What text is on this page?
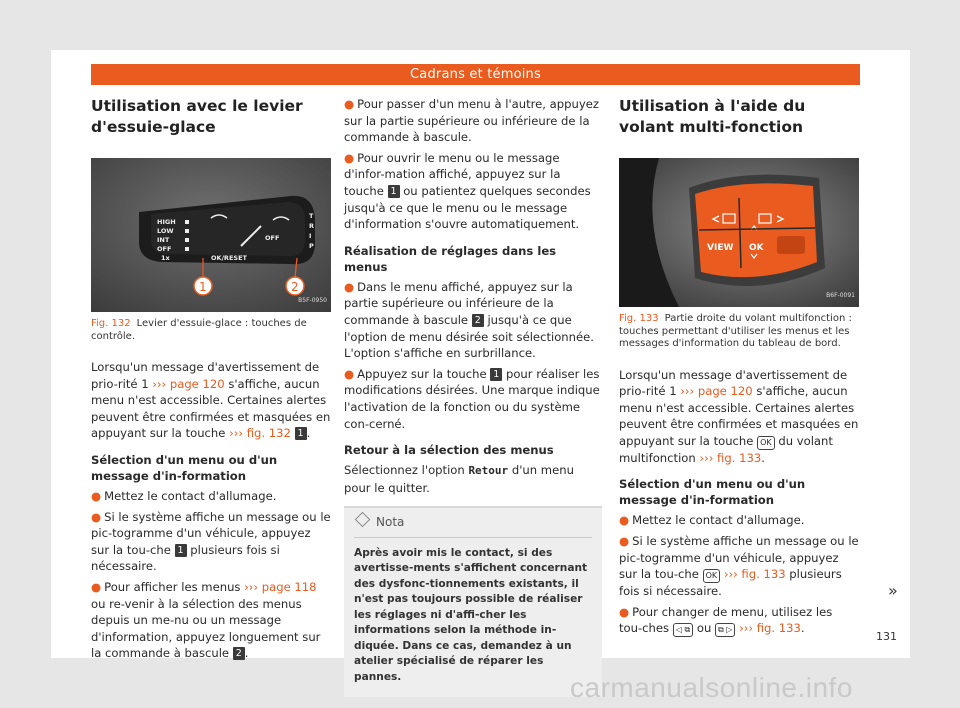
Cadrans et témoins
Utilisation avec le levier d'essuie-glace
HIGH
LOW
INT
OFF
1x	OK/RESET
OFF
T
R
I
P
1	2
B5F-0950
Fig. 132 Levier d'essuie-glace : touches de contrôle.

Lorsqu'un message d'avertissement de prio-rité 1 ››› page 120 s'affiche, aucun menu n'est accessible. Certaines alertes peuvent être confirmées et masquées en appuyant sur la touche ››› fig. 132 1 .

Sélection d'un menu ou d'un message d'in-formation

● Mettez le contact d'allumage.

● Si le système affiche un message ou le pic-togramme d'un véhicule, appuyez sur la tou-che 1 plusieurs fois si nécessaire.

● Pour afficher les menus ››› page 118 ou re-venir à la sélection des menus depuis un me-nu ou un message d'information, appuyez longuement sur la commande à bascule 2 .

● Pour passer d'un menu à l'autre, appuyez sur la partie supérieure ou inférieure de la commande à bascule.

● Pour ouvrir le menu ou le message d'infor-mation affiché, appuyez sur la touche 1 ou patientez quelques secondes jusqu'à ce que le menu ou le message d'information s'ouvre automatiquement.

Réalisation de réglages dans les menus

● Dans le menu affiché, appuyez sur la partie supérieure ou inférieure de la commande à bascule 2 jusqu'à ce que l'option de menu désirée soit sélectionnée. L'option s'affiche en surbrillance.

● Appuyez sur la touche 1 pour réaliser les modifications désirées. Une marque indique l'activation de la fonction ou du système con-cerné.

Retour à la sélection des menus

Sélectionnez l'option Retour d'un menu pour le quitter.

Nota
Après avoir mis le contact, si des avertisse-ments s'affichent concernant des dysfonc-tionnements existants, il n'est pas toujours possible de réaliser les réglages ni d'affi-cher les informations selon la méthode in-diquée. Dans ce cas, demandez à un atelier spécialisé de réparer les pannes.
Utilisation à l'aide du volant multi-fonction
VIEW OK
B6F-0091
Fig. 133 Partie droite du volant multifonction : touches permettant d'utiliser les menus et les messages d'information du tableau de bord.

Lorsqu'un message d'avertissement de prio-rité 1 ››› page 120 s'affiche, aucun menu n'est accessible. Certaines alertes peuvent être confirmées et masquées en appuyant sur la touche OK du volant multifonction ››› fig. 133.

Sélection d'un menu ou d'un message d'in-formation

● Mettez le contact d'allumage.

● Si le système affiche un message ou le pic-togramme d'un véhicule, appuyez sur la tou-che OK ››› fig. 133 plusieurs fois si nécessaire.

● Pour changer de menu, utilisez les tou-ches ◁ ⧉ ou ⧉ ▷ ››› fig. 133.

»
131
carmanualsonline.info
